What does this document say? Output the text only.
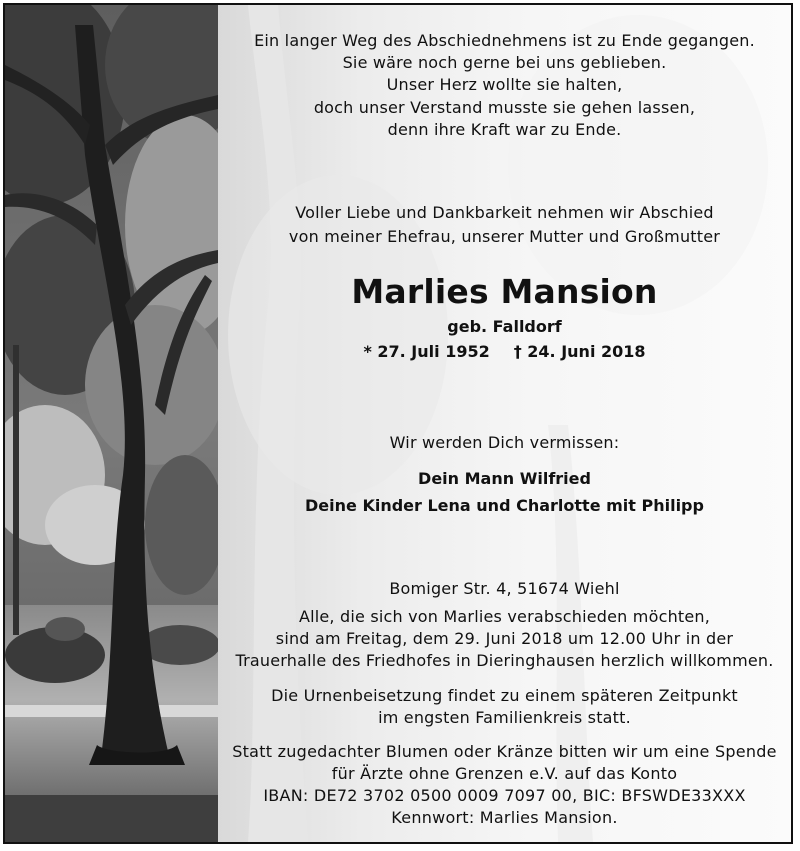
Ein langer Weg des Abschiednehmens ist zu Ende gegangen.
Sie wäre noch gerne bei uns geblieben.
Unser Herz wollte sie halten,
doch unser Verstand musste sie gehen lassen,
denn ihre Kraft war zu Ende.
Voller Liebe und Dankbarkeit nehmen wir Abschied
von meiner Ehefrau, unserer Mutter und Großmutter
Marlies Mansion
geb. Falldorf
* 27. Juli 1952 † 24. Juni 2018
Wir werden Dich vermissen:
Dein Mann Wilfried
Deine Kinder Lena und Charlotte mit Philipp
Bomiger Str. 4, 51674 Wiehl
Alle, die sich von Marlies verabschieden möchten,
sind am Freitag, dem 29. Juni 2018 um 12.00 Uhr in der
Trauerhalle des Friedhofes in Dieringhausen herzlich willkommen.
Die Urnenbeisetzung findet zu einem späteren Zeitpunkt
im engsten Familienkreis statt.
Statt zugedachter Blumen oder Kränze bitten wir um eine Spende
für Ärzte ohne Grenzen e.V. auf das Konto
IBAN: DE72 3702 0500 0009 7097 00, BIC: BFSWDE33XXX
Kennwort: Marlies Mansion.
